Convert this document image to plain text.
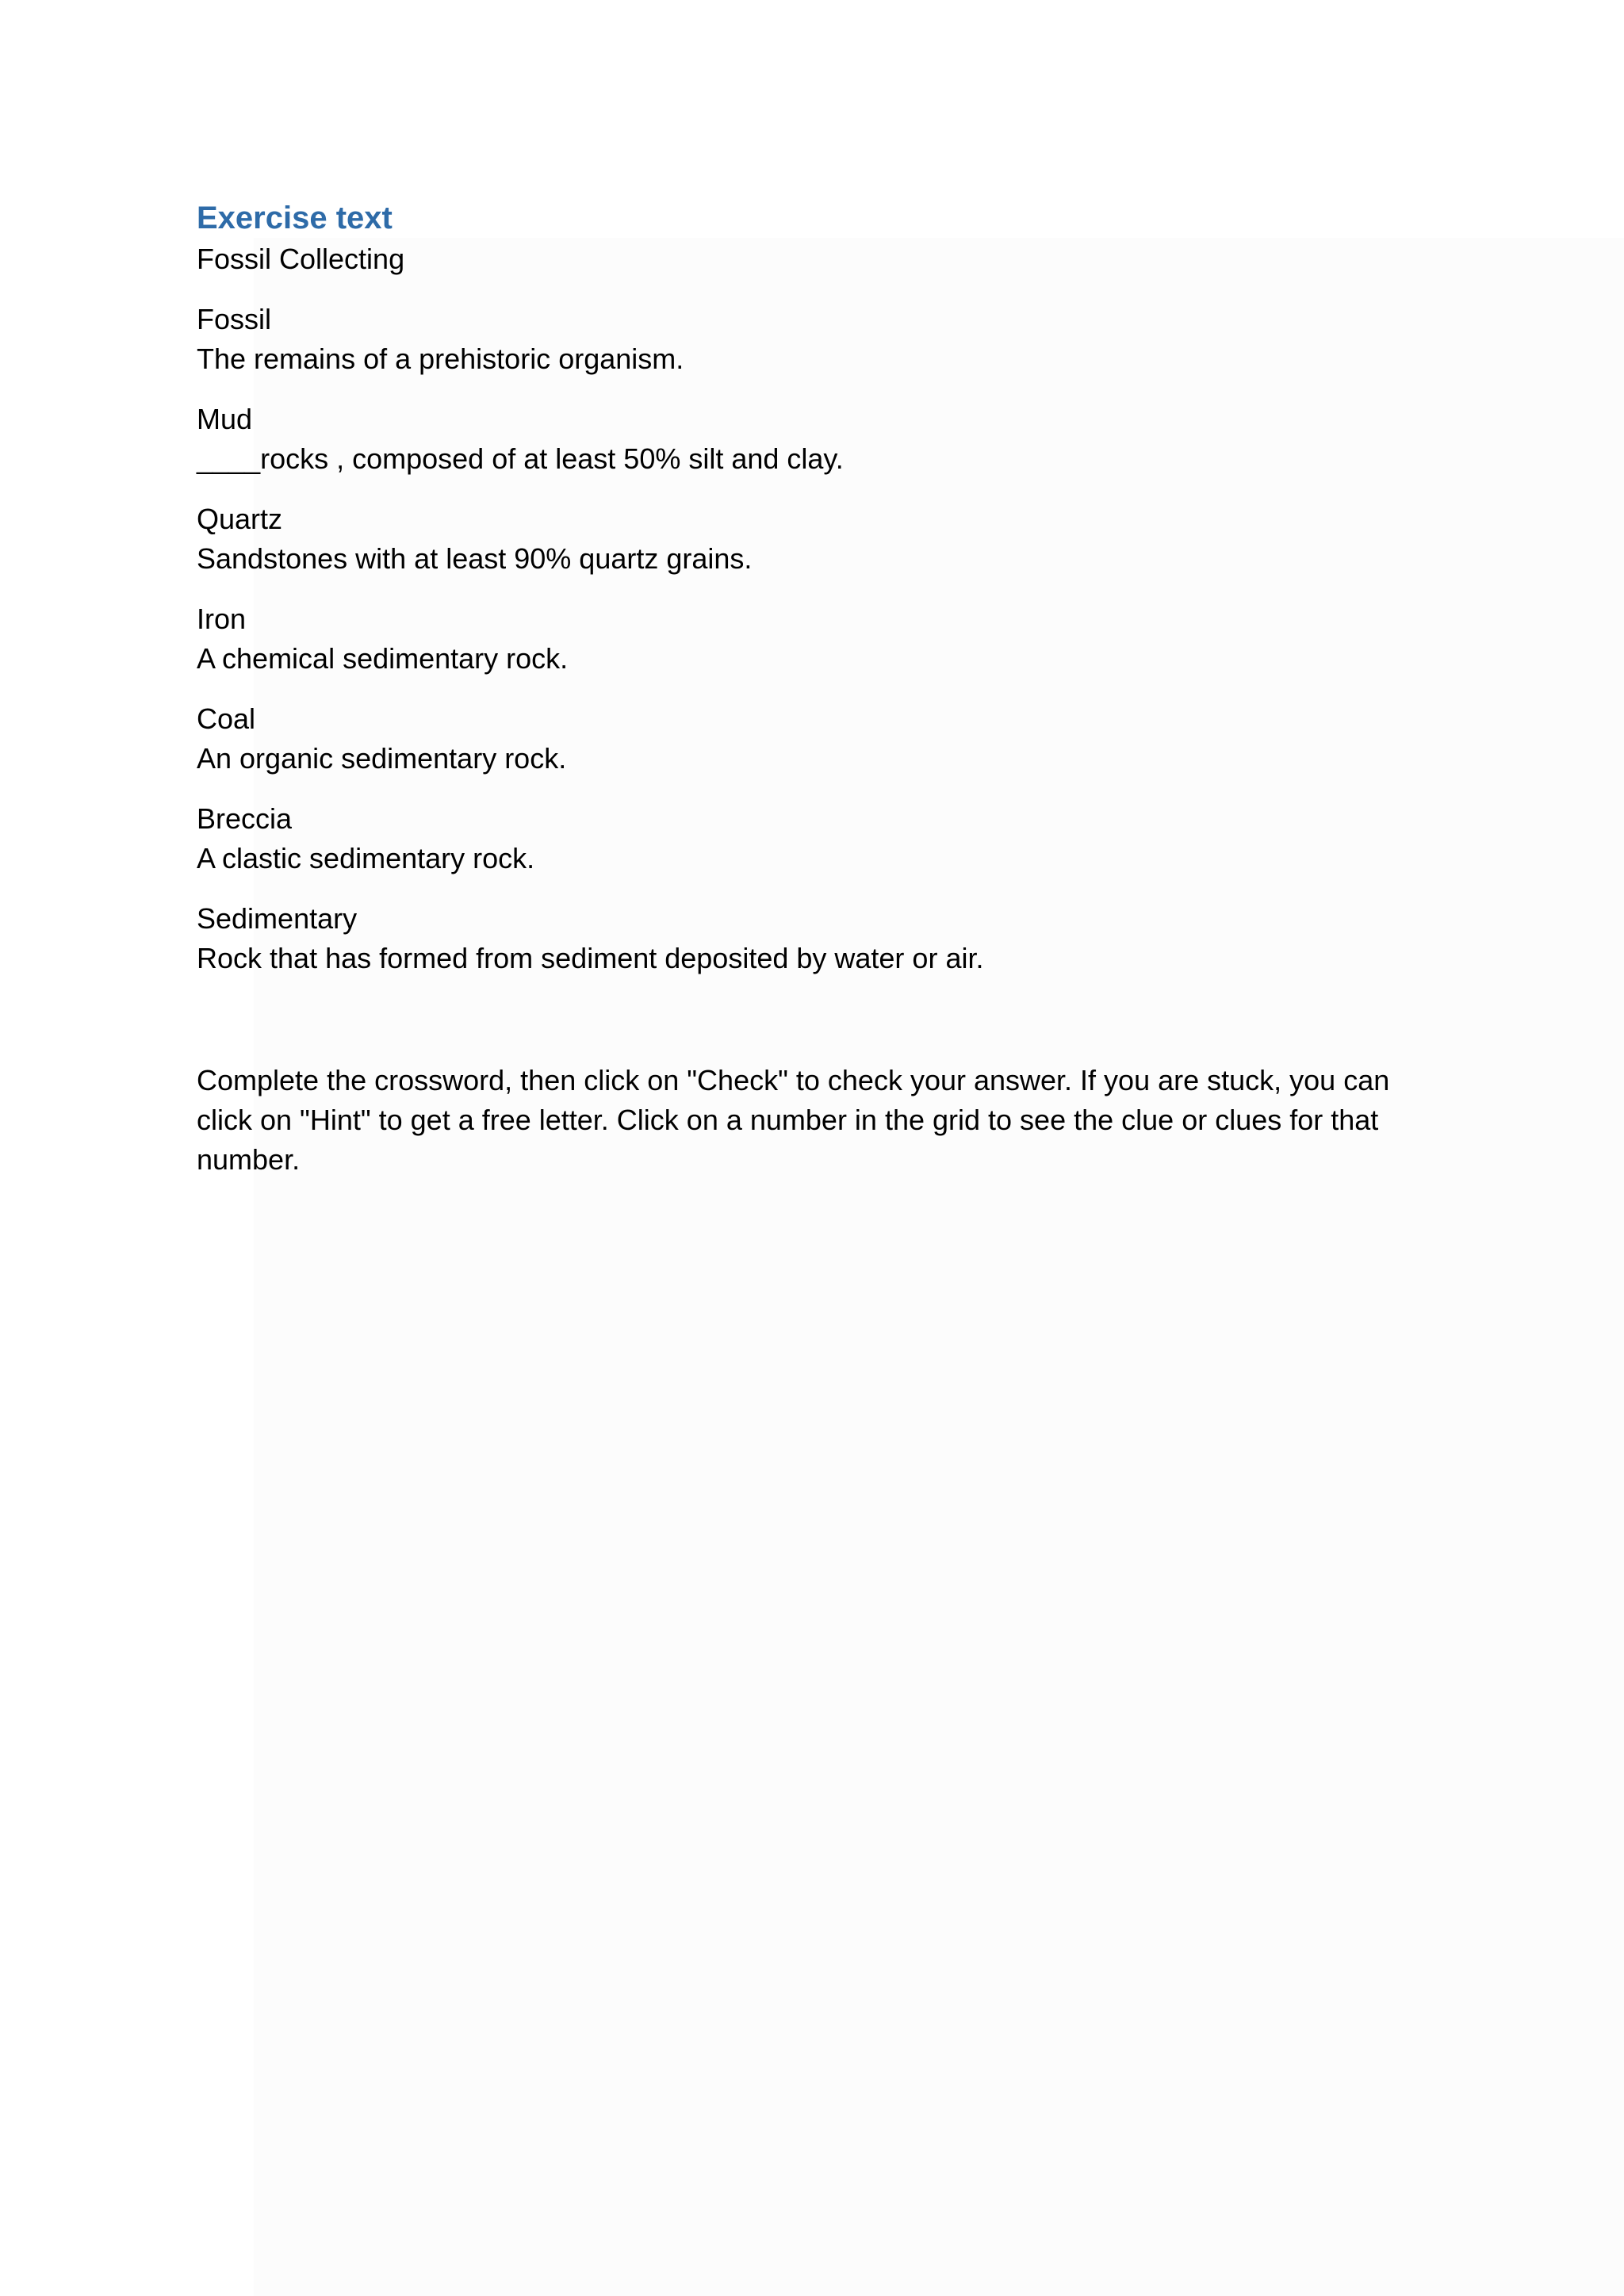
Exercise text
Fossil Collecting
Fossil
The remains of a prehistoric organism.
Mud
____rocks , composed of at least 50% silt and clay.
Quartz
Sandstones with at least 90% quartz grains.
Iron
A chemical sedimentary rock.
Coal
An organic sedimentary rock.
Breccia
A clastic sedimentary rock.
Sedimentary
Rock that has formed from sediment deposited by water or air.
Complete the crossword, then click on "Check" to check your answer. If you are stuck, you can click on "Hint" to get a free letter. Click on a number in the grid to see the clue or clues for that number.
